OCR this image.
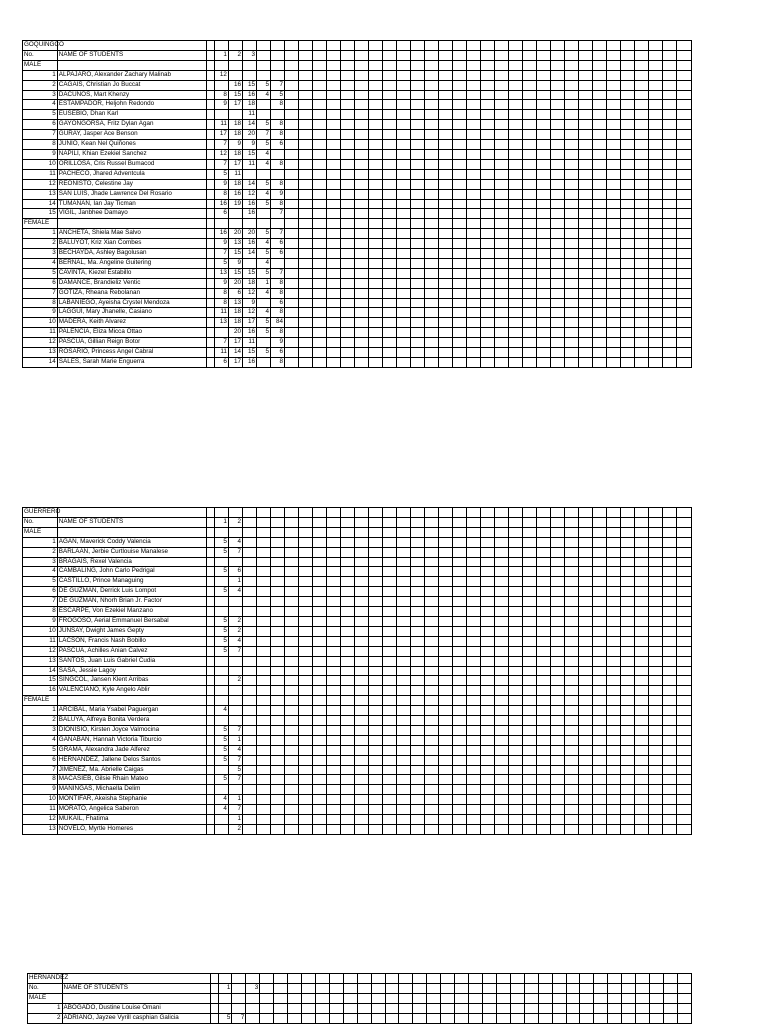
GOQUINGCO																																				
No.	NAME OF STUDENTS		1	2	3																															
MALE																																				
1	ALPAJARO, Alexander Zachary Malinab		12																																	
2	CAGAIS, Christian Jo Buccat			16	15	5	7																													
3	DACUNOS, Mart Khenzy		8	15	16	4	5																													
4	ESTAMPADOR, Heljohn Redondo		9	17	18		8																													
5	EUSEBIO, Dhan Karl				11																															
6	GAYONGORSA, Fritz Dylan Agan		11	18	14	5	8																													
7	GURAY, Jasper Ace Benson		17	18	20	7	8																													
8	JUNIO, Kean Nel Quiñones		7	9	9	5	6																													
9	NAPILI, Khian Ezekiel Sanchez		12	18	15	4																														
10	ORILLOSA, Cris Russel Bumacod		7	17	11	4	8																													
11	PACHECO, Jhared Adventcula		5	11																																
12	REONISTO, Celestine Jay		9	18	14	5	8																													
13	SAN LUIS, Jhade Lawrence Del Rosario		8	16	12	4	9																													
14	TUMANAN, Ian Jay Ticman		16	19	16	5	8																													
15	VIGIL, Janbhee Damayo		6		16		7																													
FEMALE																																				
1	ANCHETA, Shiela Mae Salvo		16	20	20	5	7																													
2	BALUYOT, Kriz Xian Combes		9	13	16	4	6																													
3	BECHAYDA, Ashley Bagolusan		7	15	14	5	6																													
4	BERNAL, Ma. Angeline Guitering		5	9		4																														
5	CAVINTA, Kiezel Estabillo		13	15	15	5	7																													
6	DAMANCE, Brandieliz Ventic		9	20	18	1	8																													
7	GOTIZA, Rheana Rebolanan		8	6	12	4	8																													
8	LABANIEGO, Ayeisha Crystel Mendoza		8	13	9		6																													
9	LAGGUI, Mary Jhanelle, Casiano		11	18	12	4	8																													
10	MADERA, Keith Alvarez		13	18	17	5	84																													
11	PALENCIA, Eliza Micca Ottao			20	16	5	8																													
12	PASCUA, Gillian Reign Botor		7	17	11		9																													
13	ROSARIO, Princess Angel Cabral		11	14	15	5	6																													
14	SALES, Sarah Marie Enguerra		6	17	16		8																													
GUERRERO																																				
No.	NAME OF STUDENTS		1	2																																
MALE																																				
1	AGAN, Maverick Coddy Valencia		5	4																																
2	BARLAAN, Jerbie Curtlouise Manalese		5	7																																
3	BRAGAIS, Rexel Valencia																																			
4	CAMBALING, John Carlo Pedrigal		5	6																																
5	CASTILLO, Prince Managuing			1																																
6	DE GUZMAN, Derrick Luis Lompot		5	4																																
7	DE GUZMAN, Nhorh Brian Jr. Factor																																			
8	ESCARPE, Von Ezekiel Manzano																																			
9	FROGOSO, Aerial Emmanuel Bersabal		5	2																																
10	JUNSAY, Dwight James Gepty		5	2																																
11	LACSON, Francis Nash Bobillo		5	4																																
12	PASCUA, Achilles Anian Calvez		5	7																																
13	SANTOS, Juan Luis Gabriel Cudia																																			
14	SASA, Jessie Lagoy																																			
15	SINGCOL, Jansen Klent Arribas			2																																
16	VALENCIANO, Kyle Angelo Ablir																																			
FEMALE																																				
1	ARCIBAL, Maria Ysabel Paguergan		4																																	
2	BALUYA, Alfreya Bonita Verdera																																			
3	DIONISIO, Kirsten Joyce Valmocina		5	7																																
4	GANABAN, Hannah Victoria Tiburcio		5	1																																
5	GRAMA, Alexandra Jade Alferez		5	4																																
6	HERNANDEZ, Jallene Delos Santos		5	7																																
7	JIMENEZ, Ma. Abrielle Caigas			5																																
8	MACASIEB, Gilsie Rhain Mateo		5	7																																
9	MANINGAS, Michaella Delim																																			
10	MONTIFAR, Akeisha Stephanie		4	1																																
11	MORATO, Angelica Saberon		4	7																																
12	MUKAIL, Fhatima			1																																
13	NOVELO, Myrtle Homeres			2																																
HERNANDEZ																																				
No.	NAME OF STUDENTS		1		3																															
MALE																																				
1	ABOGADO, Dustine Louise Omani																																			
2	ADRIANO, Jayzee Vyrill casphian Galicia		5	7																																
